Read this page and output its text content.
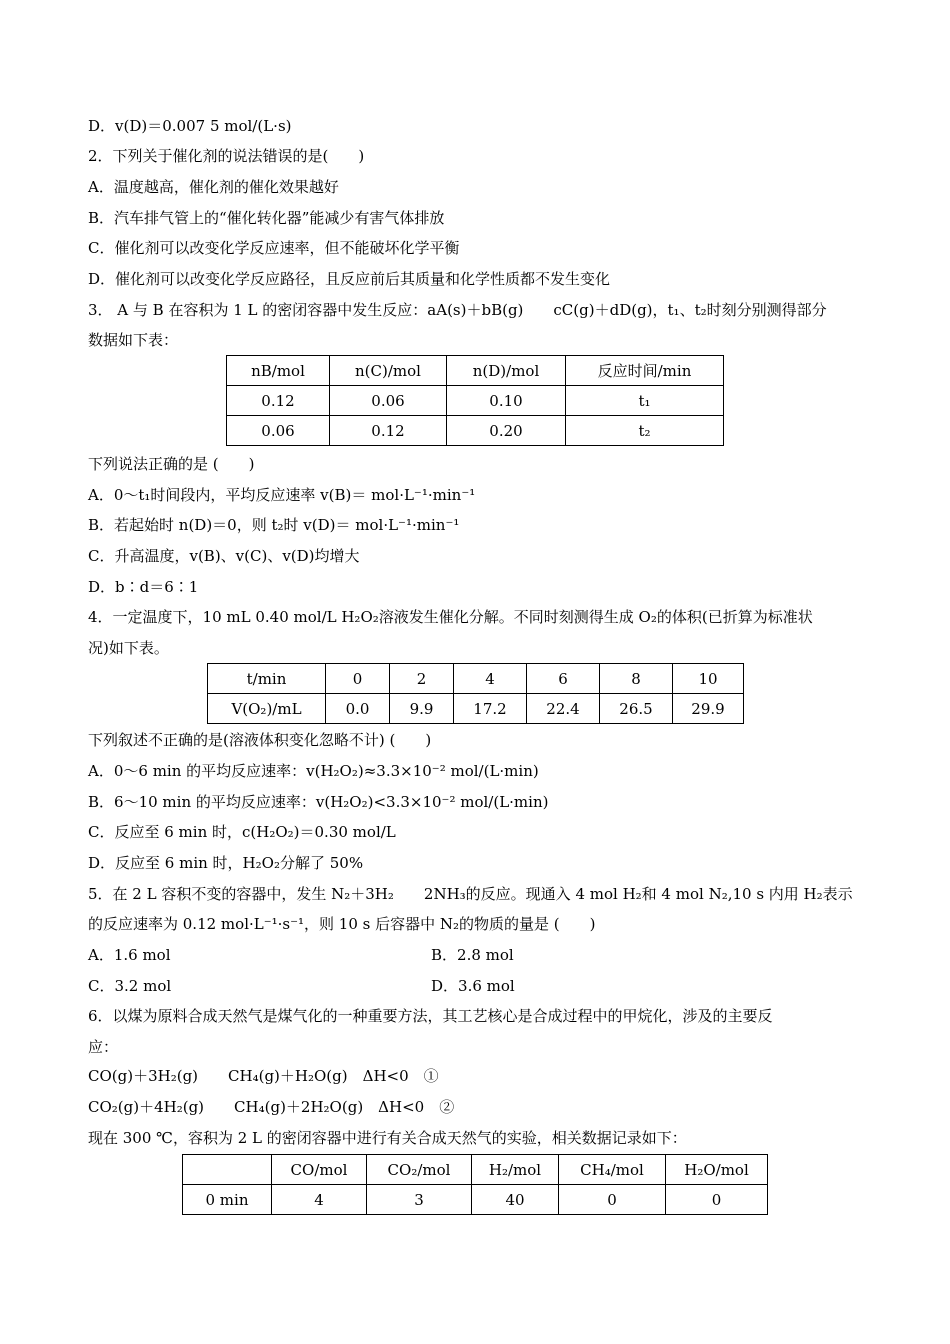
D．v(D)＝0.007 5 mol/(L·s)
2．下列关于催化剂的说法错误的是(　　)
A．温度越高，催化剂的催化效果越好
B．汽车排气管上的“催化转化器”能减少有害气体排放
C．催化剂可以改变化学反应速率，但不能破坏化学平衡
D．催化剂可以改变化学反应路径，且反应前后其质量和化学性质都不发生变化
3． A 与 B 在容积为 1 L 的密闭容器中发生反应：aA(s)＋bB(g) cC(g)＋dD(g)，t₁、t₂时刻分别测得部分
数据如下表：
nB/mol	n(C)/mol	n(D)/mol	反应时间/min
0.12	0.06	0.10	t₁
0.06	0.12	0.20	t₂
下列说法正确的是 (　　)
A．0～t₁时间段内，平均反应速率 v(B)＝ mol·L⁻¹·min⁻¹
B．若起始时 n(D)＝0，则 t₂时 v(D)＝ mol·L⁻¹·min⁻¹
C．升高温度，v(B)、v(C)、v(D)均增大
D．b∶d＝6∶1
4．一定温度下，10 mL 0.40 mol/L H₂O₂溶液发生催化分解。不同时刻测得生成 O₂的体积(已折算为标准状
况)如下表。
t/min	0	2	4	6	8	10
V(O₂)/mL	0.0	9.9	17.2	22.4	26.5	29.9
下列叙述不正确的是(溶液体积变化忽略不计) (　　)
A．0～6 min 的平均反应速率：v(H₂O₂)≈3.3×10⁻² mol/(L·min)
B．6～10 min 的平均反应速率：v(H₂O₂)<3.3×10⁻² mol/(L·min)
C．反应至 6 min 时，c(H₂O₂)＝0.30 mol/L
D．反应至 6 min 时，H₂O₂分解了 50%
5．在 2 L 容积不变的容器中，发生 N₂＋3H₂ 2NH₃的反应。现通入 4 mol H₂和 4 mol N₂,10 s 内用 H₂表示
的反应速率为 0.12 mol·L⁻¹·s⁻¹，则 10 s 后容器中 N₂的物质的量是 (　　)
A．1.6 mol	B．2.8 mol
C．3.2 mol	D．3.6 mol
6．以煤为原料合成天然气是煤气化的一种重要方法，其工艺核心是合成过程中的甲烷化，涉及的主要反
应：
CO(g)＋3H₂(g) CH₄(g)＋H₂O(g)　ΔH<0　①
CO₂(g)＋4H₂(g) CH₄(g)＋2H₂O(g)　ΔH<0　②
现在 300 ℃，容积为 2 L 的密闭容器中进行有关合成天然气的实验，相关数据记录如下：
	CO/mol	CO₂/mol	H₂/mol	CH₄/mol	H₂O/mol
0 min	4	3	40	0	0
